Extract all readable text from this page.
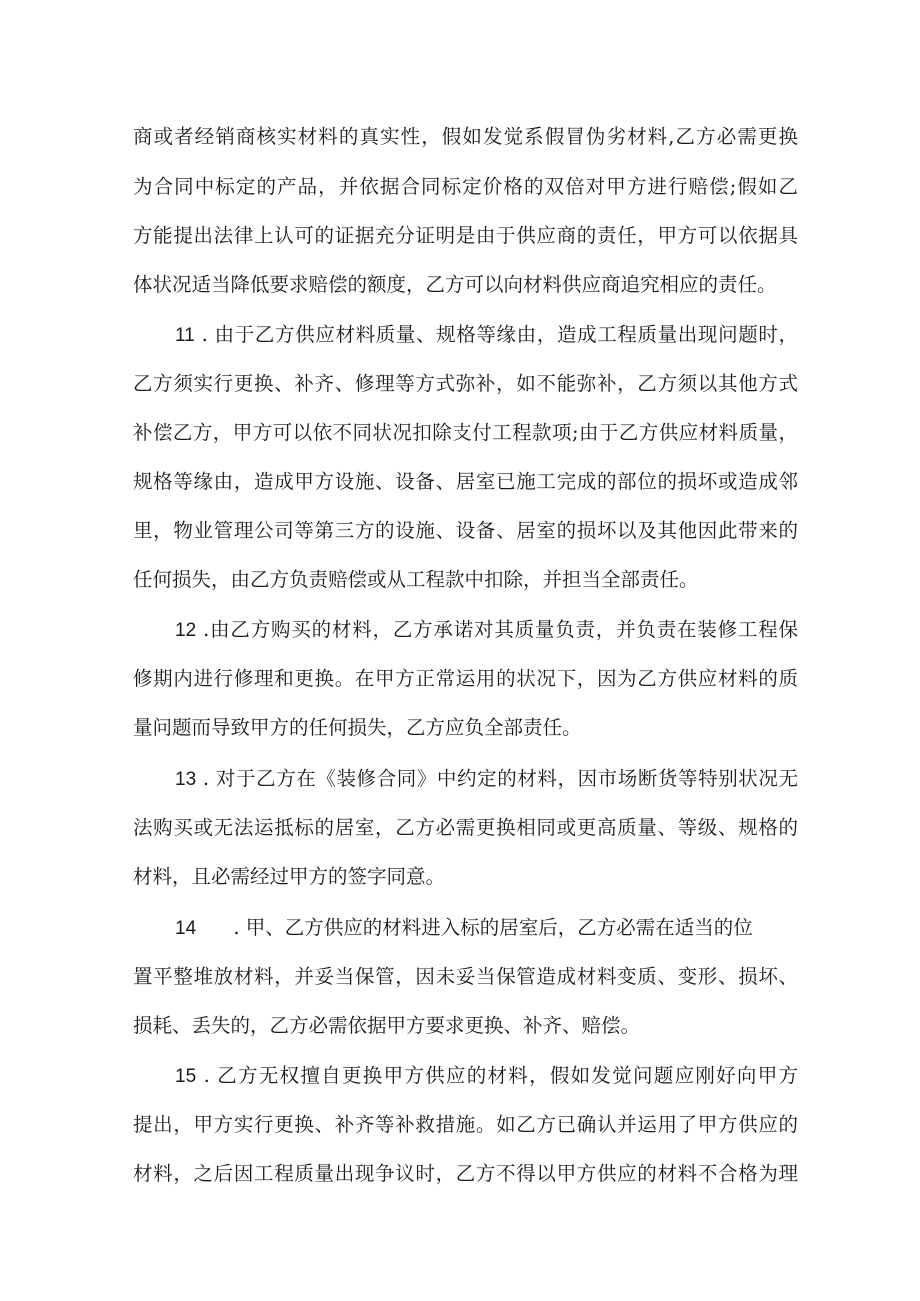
商或者经销商核实材料的真实性，假如发觉系假冒伪劣材料,乙方必需更换
为合同中标定的产品，并依据合同标定价格的双倍对甲方进行赔偿;假如乙
方能提出法律上认可的证据充分证明是由于供应商的责任，甲方可以依据具
体状况适当降低要求赔偿的额度，乙方可以向材料供应商追究相应的责任。
11 . 由于乙方供应材料质量、规格等缘由，造成工程质量出现问题时，
乙方须实行更换、补齐、修理等方式弥补，如不能弥补，乙方须以其他方式
补偿乙方，甲方可以依不同状况扣除支付工程款项;由于乙方供应材料质量，
规格等缘由，造成甲方设施、设备、居室已施工完成的部位的损坏或造成邻
里，物业管理公司等第三方的设施、设备、居室的损坏以及其他因此带来的
任何损失，由乙方负责赔偿或从工程款中扣除，并担当全部责任。
12 .由乙方购买的材料，乙方承诺对其质量负责，并负责在装修工程保
修期内进行修理和更换。在甲方正常运用的状况下，因为乙方供应材料的质
量问题而导致甲方的任何损失，乙方应负全部责任。
13 . 对于乙方在《装修合同》中约定的材料，因市场断货等特别状况无
法购买或无法运抵标的居室，乙方必需更换相同或更高质量、等级、规格的
材料，且必需经过甲方的签字同意。
14      . 甲、乙方供应的材料进入标的居室后，乙方必需在适当的位
置平整堆放材料，并妥当保管，因未妥当保管造成材料变质、变形、损坏、
损耗、丢失的，乙方必需依据甲方要求更换、补齐、赔偿。
15 . 乙方无权擅自更换甲方供应的材料，假如发觉问题应刚好向甲方
提出，甲方实行更换、补齐等补救措施。如乙方已确认并运用了甲方供应的
材料，之后因工程质量出现争议时，乙方不得以甲方供应的材料不合格为理
